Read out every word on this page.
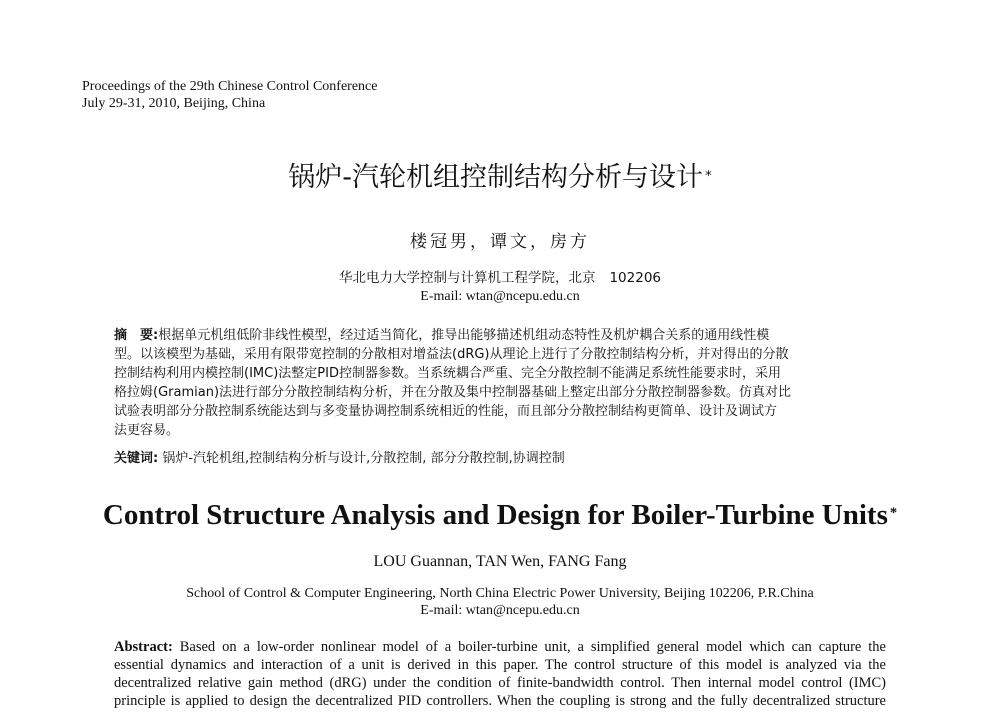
Proceedings of the 29th Chinese Control Conference
July 29-31, 2010, Beijing, China
锅炉-汽轮机组控制结构分析与设计 *
楼冠男，谭文，房方
华北电力大学控制与计算机工程学院，北京 102206
E-mail: wtan@ncepu.edu.cn
摘　要:根据单元机组低阶非线性模型，经过适当简化，推导出能够描述机组动态特性及机炉耦合关系的通用线性模
型。以该模型为基础，采用有限带宽控制的分散相对增益法(dRG)从理论上进行了分散控制结构分析，并对得出的分散
控制结构利用内模控制(IMC)法整定PID控制器参数。当系统耦合严重、完全分散控制不能满足系统性能要求时，采用
格拉姆(Gramian)法进行部分分散控制结构分析，并在分散及集中控制器基础上整定出部分分散控制器参数。仿真对比
试验表明部分分散控制系统能达到与多变量协调控制系统相近的性能，而且部分分散控制结构更简单、设计及调试方
法更容易。
关键词: 锅炉-汽轮机组,控制结构分析与设计,分散控制, 部分分散控制,协调控制
Control Structure Analysis and Design for Boiler-Turbine Units *
LOU Guannan, TAN Wen, FANG Fang
School of Control & Computer Engineering, North China Electric Power University, Beijing 102206, P.R.China
E-mail: wtan@ncepu.edu.cn
Abstract: Based on a low-order nonlinear model of a boiler-turbine unit, a simplified general model which can capture the
essential dynamics and interaction of a unit is derived in this paper. The control structure of this model is analyzed via the
decentralized relative gain method (dRG) under the condition of finite-bandwidth control. Then internal model control (IMC)
principle is applied to design the decentralized PID controllers. When the coupling is strong and the fully decentralized structure
